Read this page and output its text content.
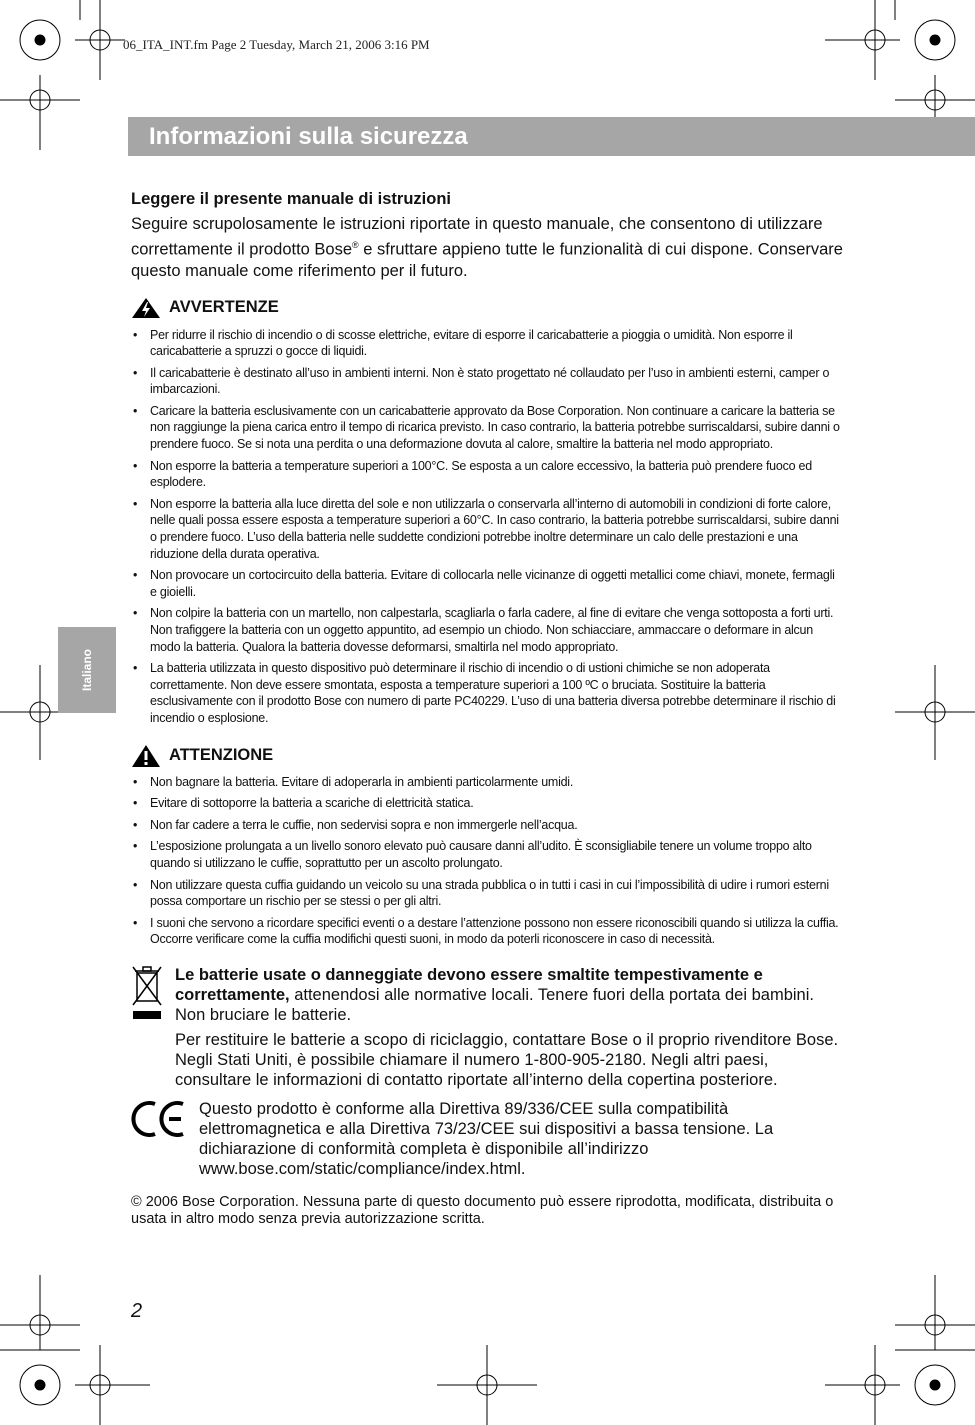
06_ITA_INT.fm Page 2 Tuesday, March 21, 2006 3:16 PM
Informazioni sulla sicurezza
Italiano
Leggere il presente manuale di istruzioni

Seguire scrupolosamente le istruzioni riportate in questo manuale, che consentono di utilizzare correttamente il prodotto Bose® e sfruttare appieno tutte le funzionalità di cui dispone. Conservare questo manuale come riferimento per il futuro.

AVVERTENZE
• Per ridurre il rischio di incendio o di scosse elettriche, evitare di esporre il caricabatterie a pioggia o umidità. Non esporre il caricabatterie a spruzzi o gocce di liquidi.
• Il caricabatterie è destinato all’uso in ambienti interni. Non è stato progettato né collaudato per l’uso in ambienti esterni, camper o imbarcazioni.
• Caricare la batteria esclusivamente con un caricabatterie approvato da Bose Corporation. Non continuare a caricare la batteria se non raggiunge la piena carica entro il tempo di ricarica previsto. In caso contrario, la batteria potrebbe surriscaldarsi, subire danni o prendere fuoco. Se si nota una perdita o una deformazione dovuta al calore, smaltire la batteria nel modo appropriato.
• Non esporre la batteria a temperature superiori a 100°C. Se esposta a un calore eccessivo, la batteria può prendere fuoco ed esplodere.
• Non esporre la batteria alla luce diretta del sole e non utilizzarla o conservarla all’interno di automobili in condizioni di forte calore, nelle quali possa essere esposta a temperature superiori a 60°C. In caso contrario, la batteria potrebbe surriscaldarsi, subire danni o prendere fuoco. L’uso della batteria nelle suddette condizioni potrebbe inoltre determinare un calo delle prestazioni e una riduzione della durata operativa.
• Non provocare un cortocircuito della batteria. Evitare di collocarla nelle vicinanze di oggetti metallici come chiavi, monete, fermagli e gioielli.
• Non colpire la batteria con un martello, non calpestarla, scagliarla o farla cadere, al fine di evitare che venga sottoposta a forti urti. Non trafiggere la batteria con un oggetto appuntito, ad esempio un chiodo. Non schiacciare, ammaccare o deformare in alcun modo la batteria. Qualora la batteria dovesse deformarsi, smaltirla nel modo appropriato.
• La batteria utilizzata in questo dispositivo può determinare il rischio di incendio o di ustioni chimiche se non adoperata correttamente. Non deve essere smontata, esposta a temperature superiori a 100 ºC o bruciata. Sostituire la batteria esclusivamente con il prodotto Bose con numero di parte PC40229. L’uso di una batteria diversa potrebbe determinare il rischio di incendio o esplosione.
ATTENZIONE
• Non bagnare la batteria. Evitare di adoperarla in ambienti particolarmente umidi.
• Evitare di sottoporre la batteria a scariche di elettricità statica.
• Non far cadere a terra le cuffie, non sedervisi sopra e non immergerle nell’acqua.
• L’esposizione prolungata a un livello sonoro elevato può causare danni all’udito. È sconsigliabile tenere un volume troppo alto quando si utilizzano le cuffie, soprattutto per un ascolto prolungato.
• Non utilizzare questa cuffia guidando un veicolo su una strada pubblica o in tutti i casi in cui l’impossibilità di udire i rumori esterni possa comportare un rischio per se stessi o per gli altri.
• I suoni che servono a ricordare specifici eventi o a destare l’attenzione possono non essere riconoscibili quando si utilizza la cuffia. Occorre verificare come la cuffia modifichi questi suoni, in modo da poterli riconoscere in caso di necessità.

Le batterie usate o danneggiate devono essere smaltite tempestivamente e correttamente, attenendosi alle normative locali. Tenere fuori della portata dei bambini. Non bruciare le batterie.

Per restituire le batterie a scopo di riciclaggio, contattare Bose o il proprio rivenditore Bose. Negli Stati Uniti, è possibile chiamare il numero 1-800-905-2180. Negli altri paesi, consultare le informazioni di contatto riportate all’interno della copertina posteriore.

Questo prodotto è conforme alla Direttiva 89/336/CEE sulla compatibilità elettromagnetica e alla Direttiva 73/23/CEE sui dispositivi a bassa tensione. La dichiarazione di conformità completa è disponibile all’indirizzo www.bose.com/static/compliance/index.html.
© 2006 Bose Corporation. Nessuna parte di questo documento può essere riprodotta, modificata, distribuita o usata in altro modo senza previa autorizzazione scritta.
2
